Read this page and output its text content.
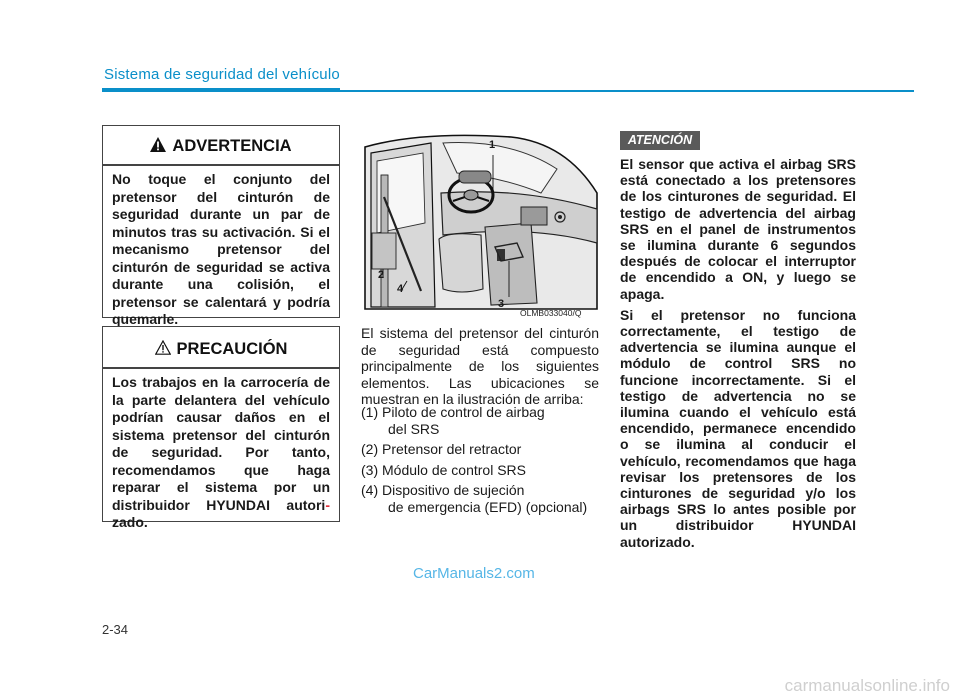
Sistema de seguridad del vehículo
ADVERTENCIA
No toque el conjunto del pretensor del cinturón de seguridad durante un par de minutos tras su activación. Si el mecanismo pretensor del cinturón de seguridad se activa durante una colisión, el pretensor se calentará y podría quemarle.
PRECAUCIÓN
Los trabajos en la carrocería de la parte delantera del vehículo podrían causar daños en el sistema pretensor del cinturón de seguridad. Por tanto, recomendamos que haga reparar el sistema por un distribuidor HYUNDAI autori- zado.
1
2
3
4
OLMB033040/Q
El sistema del pretensor del cinturón de seguridad está compuesto principalmente de los siguientes elementos. Las ubicaciones se muestran en la ilustración de arriba:
(1) Piloto de control de airbag
del SRS
(2) Pretensor del retractor
(3) Módulo de control SRS
(4) Dispositivo de sujeción
de emergencia (EFD) (opcional)
ATENCIÓN

El sensor que activa el airbag SRS está conectado a los pretensores de los cinturones de seguridad. El testigo de advertencia del airbag SRS en el panel de instrumentos se ilumina durante 6 segundos después de colocar el interruptor de encendido a ON, y luego se apaga.

Si el pretensor no funciona correctamente, el testigo de advertencia se ilumina aunque el módulo de control SRS no funcione incorrectamente. Si el testigo de advertencia no se ilumina cuando el vehículo está encendido, permanece encendido o se ilumina al conducir el vehículo, recomendamos que haga revisar los pretensores de los cinturones de seguridad y/o los airbags SRS lo antes posible por un distribuidor HYUNDAI autorizado.

2-34
CarManuals2.com
carmanualsonline.info
